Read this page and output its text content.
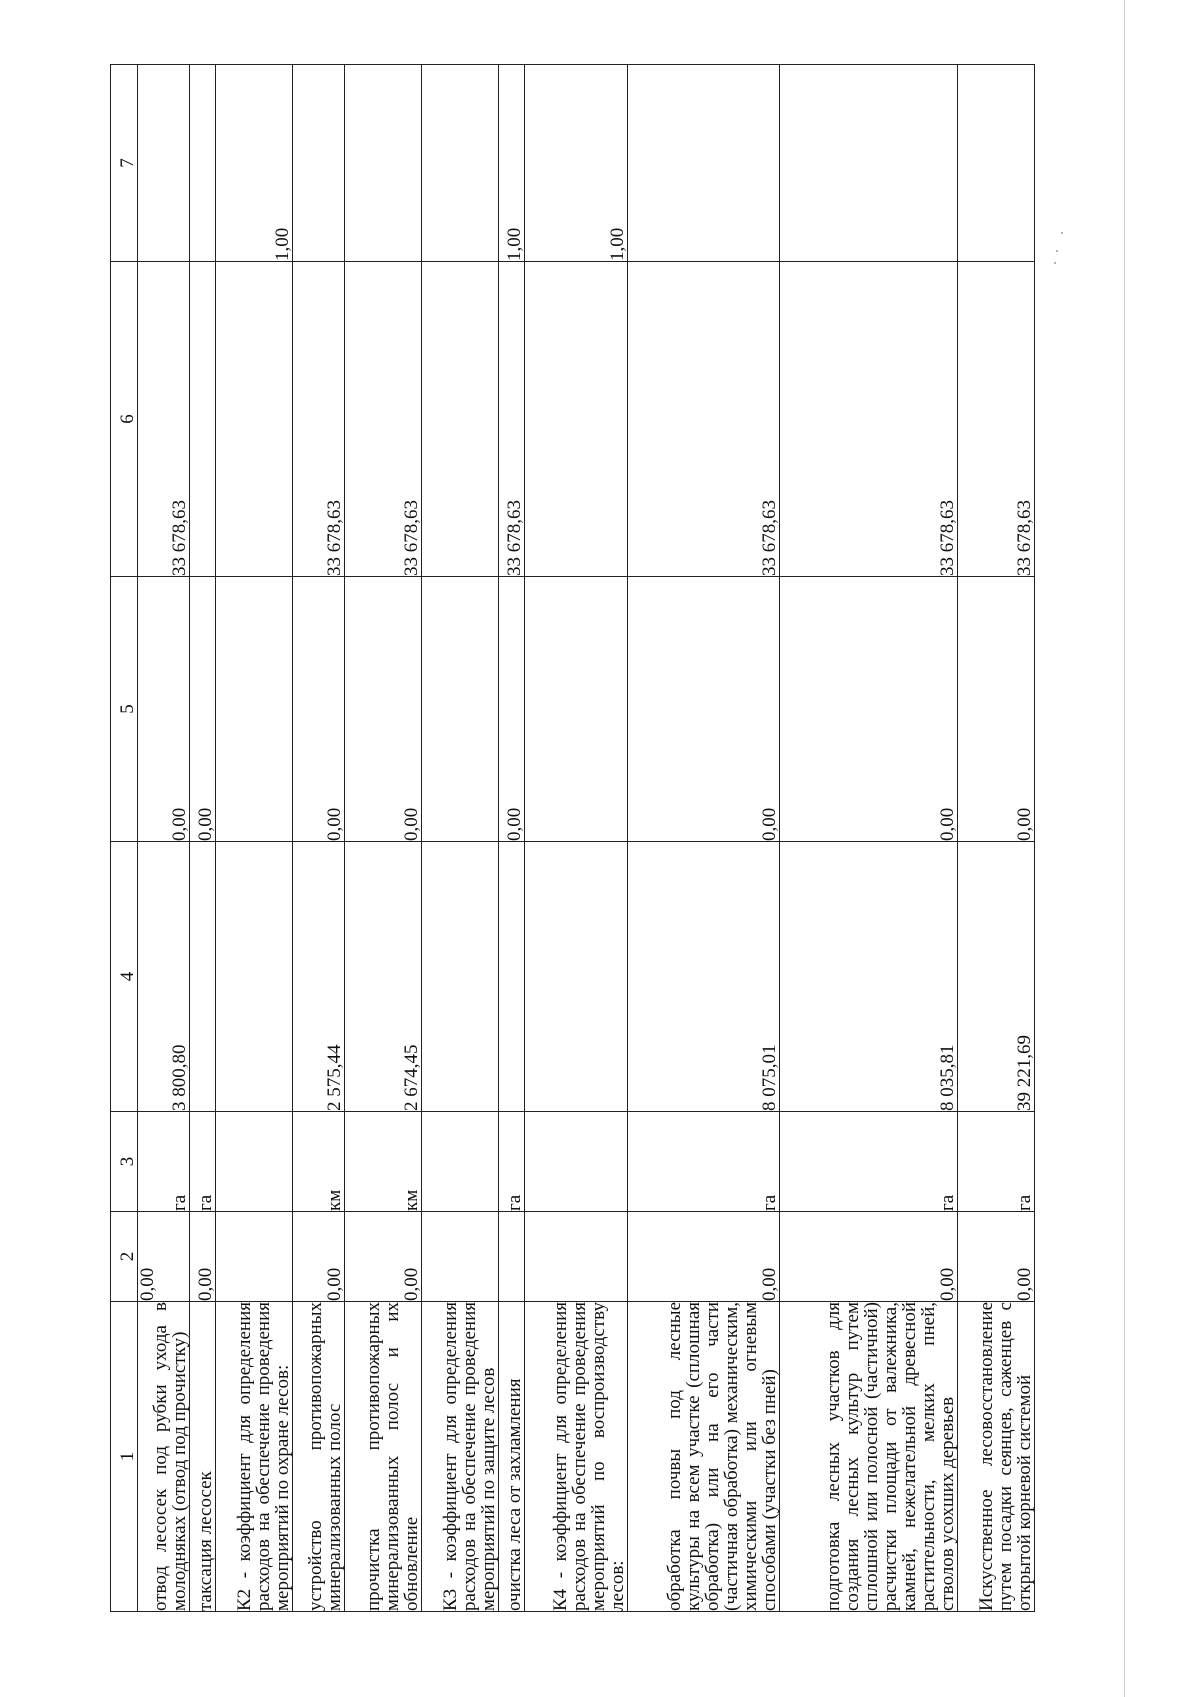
1	2	3	4	5	6	7
отвод лесосек под рубки ухода в молодняках (отвод под прочистку)	0,00	га	3 800,80	0,00	33 678,63	
таксация лесосек	0,00	га		0,00		
К2 - коэффициент для определения расходов на обеспечение проведения мероприятий по охране лесов:						1,00
устройство противопожарных минерализованных полос	0,00	км	2 575,44	0,00	33 678,63	
прочистка противопожарных минерализованных полос и их обновление	0,00	км	2 674,45	0,00	33 678,63	
К3 - коэффициент для определения расходов на обеспечение проведения мероприятий по защите лесов						
очистка леса от захламления		га		0,00	33 678,63	1,00
К4 - коэффициент для определения расходов на обеспечение проведения мероприятий по воспроизводству лесов:						1,00
обработка почвы под лесные культуры на всем участке (сплошная обработка) или на его части (частичная обработка) механическим, химическими или огневым способами (участки без пней)	0,00	га	8 075,01	0,00	33 678,63	
подготовка лесных участков для создания лесных культур путем сплошной или полосной (частичной) расчистки площади от валежника, камней, нежелательной древесной растительности, мелких пней, стволов усохших деревьев	0,00	га	8 035,81	0,00	33 678,63	
Искусственное лесовосстановление путем посадки сеянцев, саженцев с открытой корневой системой	0,00	га	39 221,69	0,00	33 678,63	
